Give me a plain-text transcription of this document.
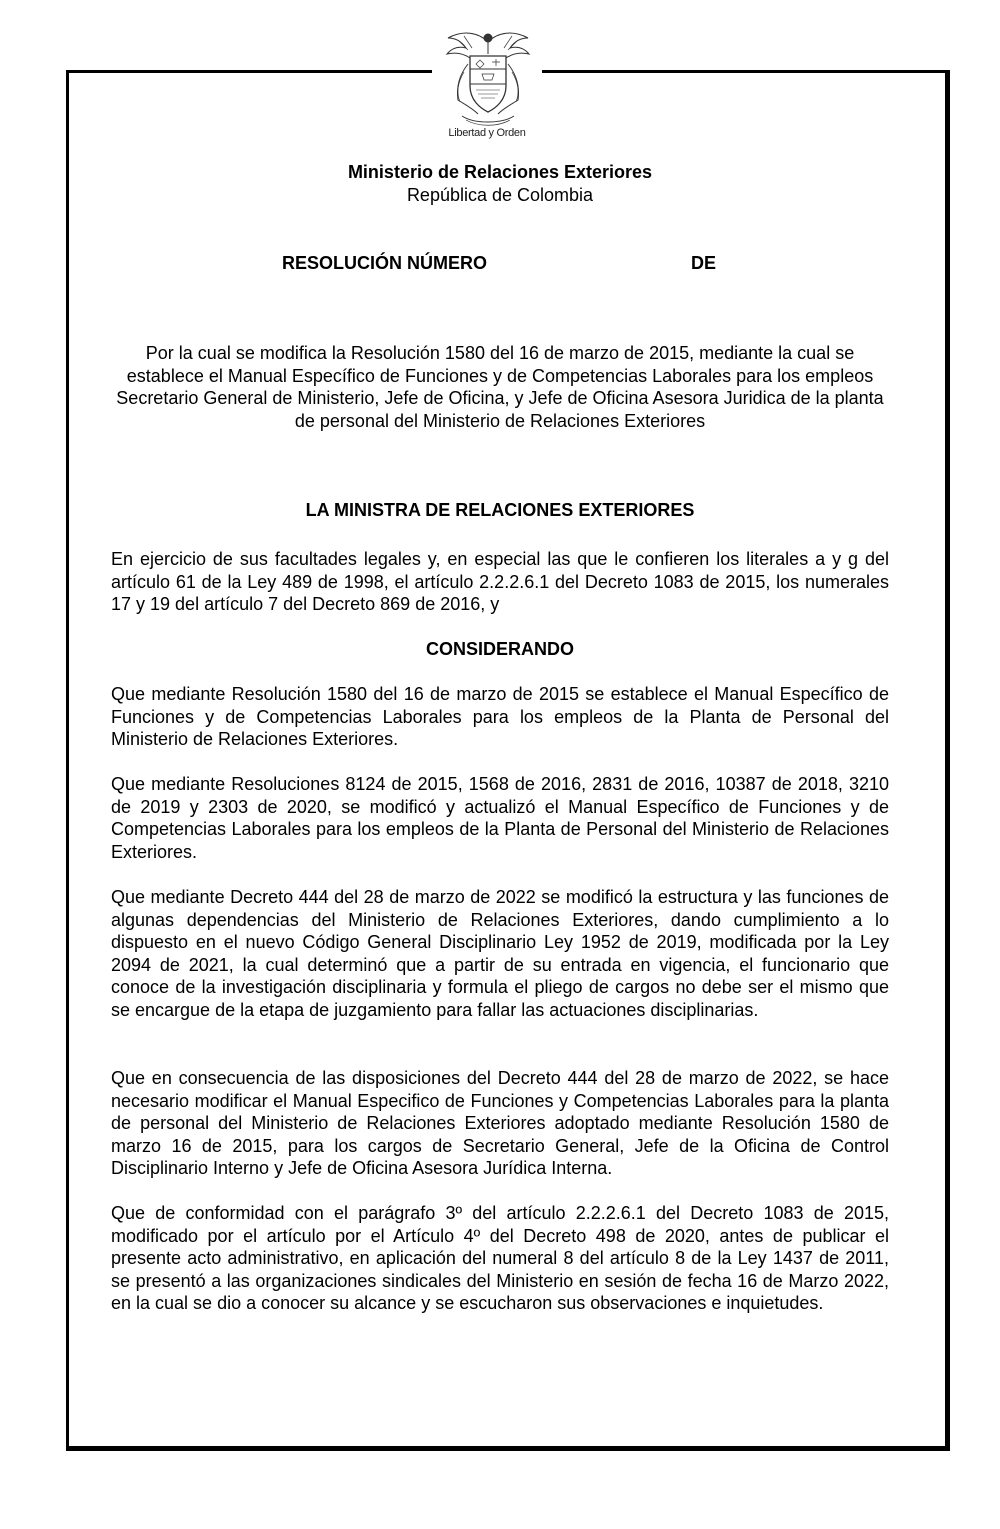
Libertad y Orden
Ministerio de Relaciones Exteriores
República de Colombia
RESOLUCIÓN NÚMERO	DE
Por la cual se modifica la Resolución 1580 del 16 de marzo de 2015, mediante la cual se establece el Manual Específico de Funciones y de Competencias Laborales para los empleos Secretario General de Ministerio, Jefe de Oficina, y Jefe de Oficina Asesora Juridica de la planta de personal del Ministerio de Relaciones Exteriores
LA MINISTRA DE RELACIONES EXTERIORES

En ejercicio de sus facultades legales y, en especial las que le confieren los literales a y g del artículo 61 de la Ley 489 de 1998, el artículo 2.2.2.6.1 del Decreto 1083 de 2015, los numerales 17 y 19 del artículo 7 del Decreto 869 de 2016, y

CONSIDERANDO

Que mediante Resolución 1580 del 16 de marzo de 2015 se establece el Manual Específico de Funciones y de Competencias Laborales para los empleos de la Planta de Personal del Ministerio de Relaciones Exteriores.

Que mediante Resoluciones 8124 de 2015, 1568 de 2016, 2831 de 2016, 10387 de 2018, 3210 de 2019 y 2303 de 2020, se modificó y actualizó el Manual Específico de Funciones y de Competencias Laborales para los empleos de la Planta de Personal del Ministerio de Relaciones Exteriores.

Que mediante Decreto 444 del 28 de marzo de 2022 se modificó la estructura y las funciones de algunas dependencias del Ministerio de Relaciones Exteriores, dando cumplimiento a lo dispuesto en el nuevo Código General Disciplinario Ley 1952 de 2019, modificada por la Ley 2094 de 2021, la cual determinó que a partir de su entrada en vigencia, el funcionario que conoce de la investigación disciplinaria y formula el pliego de cargos no debe ser el mismo que se encargue de la etapa de juzgamiento para fallar las actuaciones disciplinarias.

Que en consecuencia de las disposiciones del Decreto 444 del 28 de marzo de 2022, se hace necesario modificar el Manual Especifico de Funciones y Competencias Laborales para la planta de personal del Ministerio de Relaciones Exteriores adoptado mediante Resolución 1580 de marzo 16 de 2015, para los cargos de Secretario General, Jefe de la Oficina de Control Disciplinario Interno y Jefe de Oficina Asesora Jurídica Interna.

Que de conformidad con el parágrafo 3º del artículo 2.2.2.6.1 del Decreto 1083 de 2015, modificado por el artículo por el Artículo 4º del Decreto 498 de 2020, antes de publicar el presente acto administrativo, en aplicación del numeral 8 del artículo 8 de la Ley 1437 de 2011, se presentó a las organizaciones sindicales del Ministerio en sesión de fecha 16 de Marzo 2022, en la cual se dio a conocer su alcance y se escucharon sus observaciones e inquietudes.
